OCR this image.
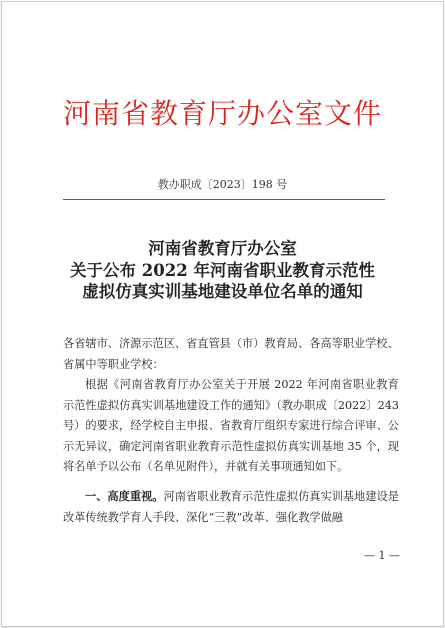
河南省教育厅办公室文件
教办职成〔2023〕198 号
河南省教育厅办公室
关于公布 2022 年河南省职业教育示范性
虚拟仿真实训基地建设单位名单的通知
各省辖市、济源示范区、省直管县（市）教育局、各高等职业学校、省属中等职业学校：
根据《河南省教育厅办公室关于开展 2022 年河南省职业教育示范性虚拟仿真实训基地建设工作的通知》（教办职成〔2022〕243 号）的要求，经学校自主申报、省教育厅组织专家进行综合评审、公示无异议，确定河南省职业教育示范性虚拟仿真实训基地 35 个，现将名单予以公布（名单见附件），并就有关事项通知如下。
一、高度重视。河南省职业教育示范性虚拟仿真实训基地建设是改革传统教学育人手段、深化“三教”改革、强化教学做融
— 1 —
